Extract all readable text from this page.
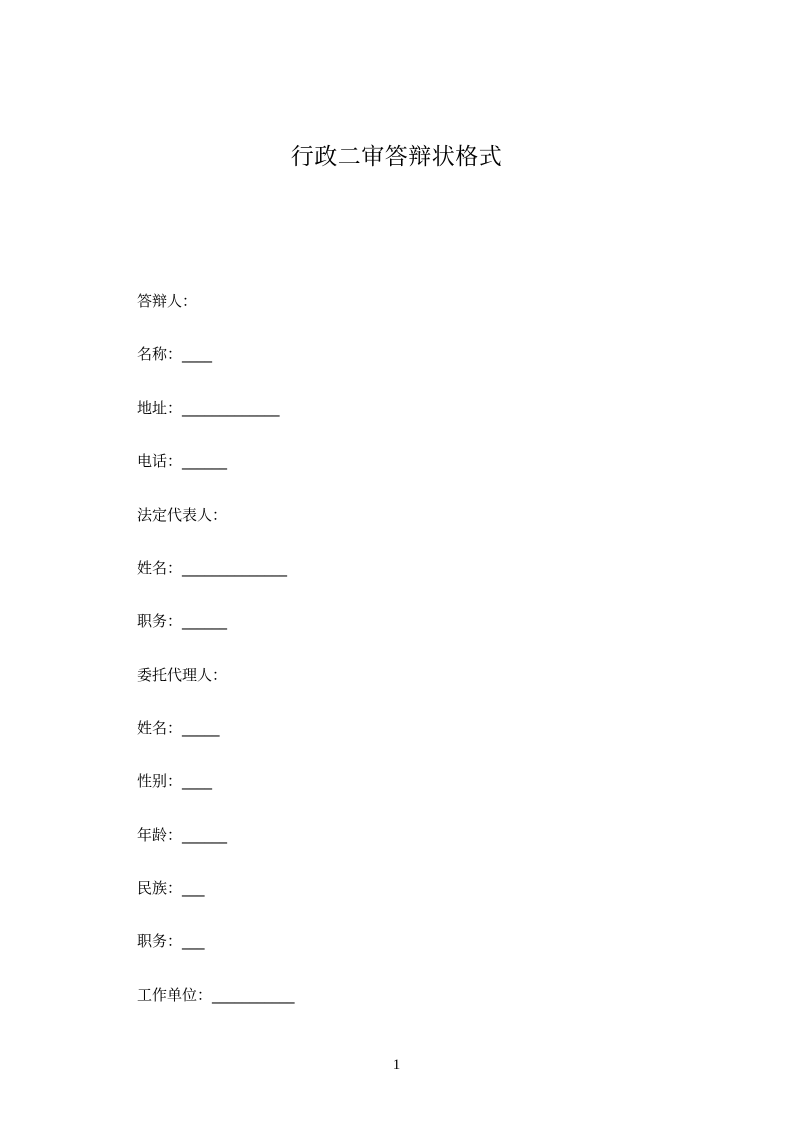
行政二审答辩状格式
答辩人：
名称：____
地址：_____________
电话：______
法定代表人：
姓名：______________
职务：______
委托代理人：
姓名：_____
性别：____
年龄：______
民族：___
职务：___
工作单位：___________
1
